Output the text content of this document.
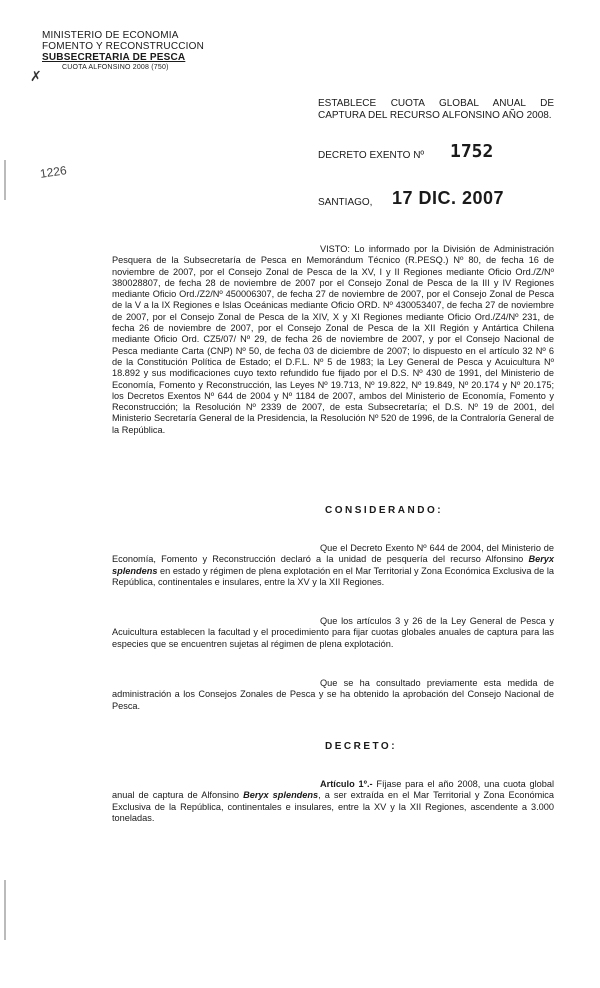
MINISTERIO DE ECONOMIA
FOMENTO Y RECONSTRUCCION
SUBSECRETARIA DE PESCA
CUOTA ALFONSINO 2008 (750)
✗
1226
ESTABLECE CUOTA GLOBAL ANUAL DE CAPTURA DEL RECURSO ALFONSINO AÑO 2008.
DECRETO EXENTO Nº 1752
SANTIAGO, 17 DIC. 2007
VISTO: Lo informado por la División de Administración Pesquera de la Subsecretaría de Pesca en Memorándum Técnico (R.PESQ.) Nº 80, de fecha 16 de noviembre de 2007, por el Consejo Zonal de Pesca de la XV, I y II Regiones mediante Oficio Ord./Z/Nº 380028807, de fecha 28 de noviembre de 2007 por el Consejo Zonal de Pesca de la III y IV Regiones mediante Oficio Ord./Z2/Nº 450006307, de fecha 27 de noviembre de 2007, por el Consejo Zonal de Pesca de la V a la IX Regiones e Islas Oceánicas mediante Oficio ORD. Nº 430053407, de fecha 27 de noviembre de 2007, por el Consejo Zonal de Pesca de la XIV, X y XI Regiones mediante Oficio Ord./Z4/Nº 231, de fecha 26 de noviembre de 2007, por el Consejo Zonal de Pesca de la XII Región y Antártica Chilena mediante Oficio Ord. CZ5/07/ Nº 29, de fecha 26 de noviembre de 2007, y por el Consejo Nacional de Pesca mediante Carta (CNP) Nº 50, de fecha 03 de diciembre de 2007; lo dispuesto en el artículo 32 Nº 6 de la Constitución Política de Estado; el D.F.L. Nº 5 de 1983; la Ley General de Pesca y Acuicultura Nº 18.892 y sus modificaciones cuyo texto refundido fue fijado por el D.S. Nº 430 de 1991, del Ministerio de Economía, Fomento y Reconstrucción, las Leyes Nº 19.713, Nº 19.822, Nº 19.849, Nº 20.174 y Nº 20.175; los Decretos Exentos Nº 644 de 2004 y Nº 1184 de 2007, ambos del Ministerio de Economía, Fomento y Reconstrucción; la Resolución Nº 2339 de 2007, de esta Subsecretaría; el D.S. Nº 19 de 2001, del Ministerio Secretaría General de la Presidencia, la Resolución Nº 520 de 1996, de la Contraloría General de la República.
CONSIDERANDO:
Que el Decreto Exento Nº 644 de 2004, del Ministerio de Economía, Fomento y Reconstrucción declaró a la unidad de pesquería del recurso Alfonsino Beryx splendens en estado y régimen de plena explotación en el Mar Territorial y Zona Económica Exclusiva de la República, continentales e insulares, entre la XV y la XII Regiones.
Que los artículos 3 y 26 de la Ley General de Pesca y Acuicultura establecen la facultad y el procedimiento para fijar cuotas globales anuales de captura para las especies que se encuentren sujetas al régimen de plena explotación.
Que se ha consultado previamente esta medida de administración a los Consejos Zonales de Pesca y se ha obtenido la aprobación del Consejo Nacional de Pesca.
DECRETO:
Artículo 1º.- Fíjase para el año 2008, una cuota global anual de captura de Alfonsino Beryx splendens, a ser extraída en el Mar Territorial y Zona Económica Exclusiva de la República, continentales e insulares, entre la XV y la XII Regiones, ascendente a 3.000 toneladas.
